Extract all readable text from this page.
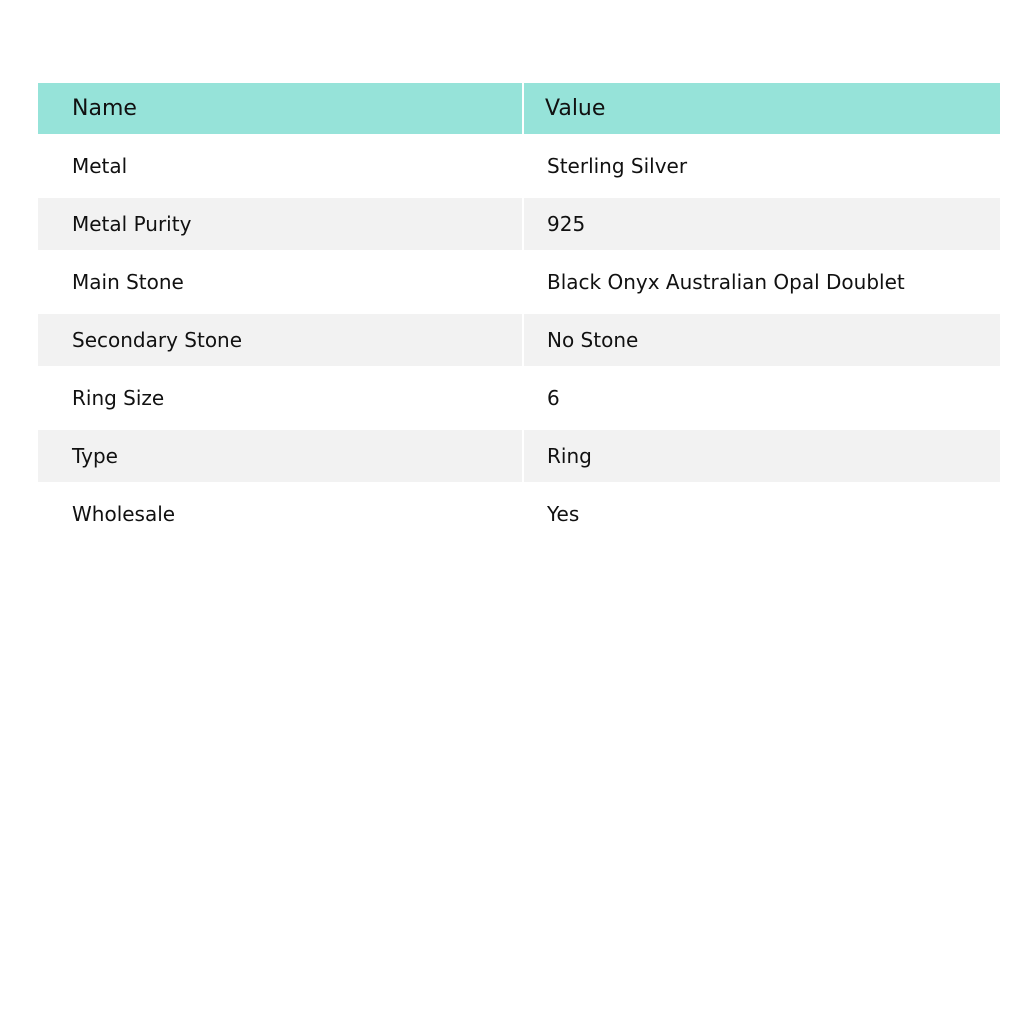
Name	Value
Metal	Sterling Silver
Metal Purity	925
Main Stone	Black Onyx Australian Opal Doublet
Secondary Stone	No Stone
Ring Size	6
Type	Ring
Wholesale	Yes
